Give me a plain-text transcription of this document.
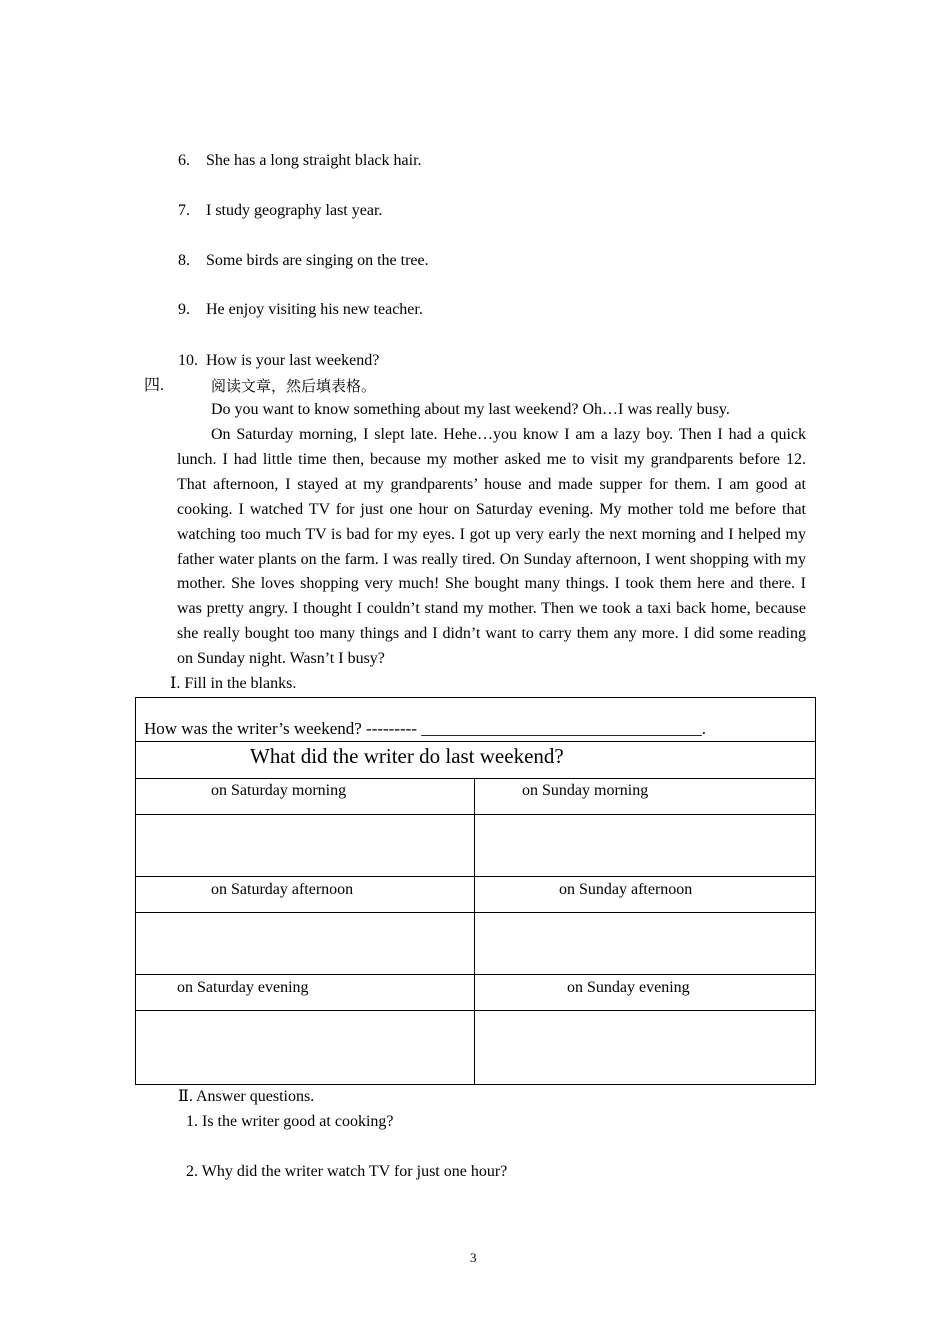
6. She has a long straight black hair.
7. I study geography last year.
8. Some birds are singing on the tree.
9. He enjoy visiting his new teacher.
10. How is your last weekend?
四.	阅读文章，然后填表格。
Do you want to know something about my last weekend? Oh…I was really busy.
On Saturday morning, I slept late. Hehe…you know I am a lazy boy. Then I had a quick lunch. I had little time then, because my mother asked me to visit my grandparents before 12. That afternoon, I stayed at my grandparents’ house and made supper for them. I am good at cooking. I watched TV for just one hour on Saturday evening. My mother told me before that watching too much TV is bad for my eyes. I got up very early the next morning and I helped my father water plants on the farm. I was really tired. On Sunday afternoon, I went shopping with my mother. She loves shopping very much! She bought many things. I took them here and there. I was pretty angry. I thought I couldn’t stand my mother. Then we took a taxi back home, because she really bought too many things and I didn’t want to carry them any more. I did some reading on Sunday night. Wasn’t I busy?
Ⅰ. Fill in the blanks.
How was the writer’s weekend? --------- _________________________________.
What did the writer do last weekend?
on Saturday morning	on Sunday morning
on Saturday afternoon	on Sunday afternoon
on Saturday evening	on Sunday evening
Ⅱ. Answer questions.
1. Is the writer good at cooking?
2. Why did the writer watch TV for just one hour?
3
